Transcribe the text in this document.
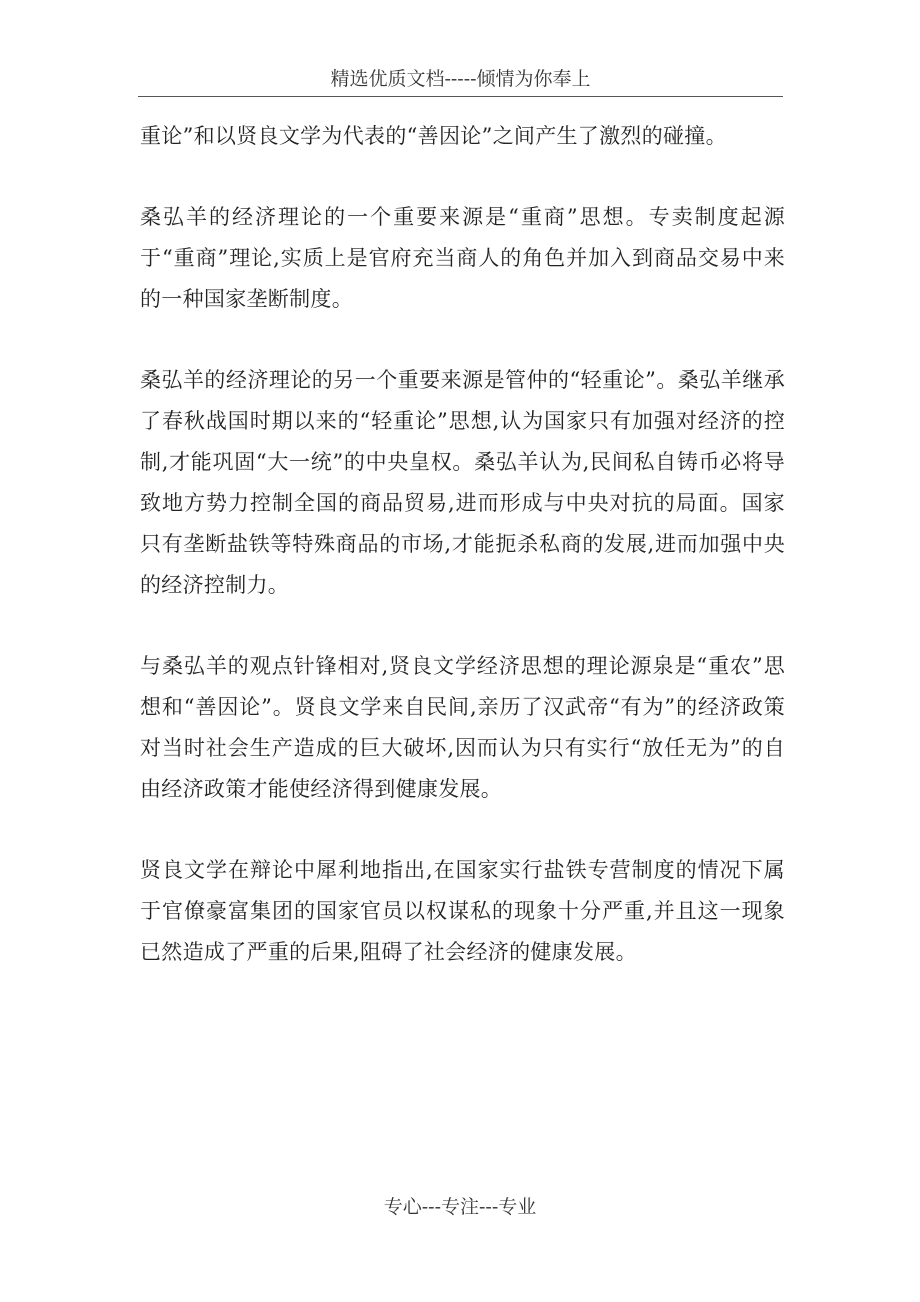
精选优质文档-----倾情为你奉上

重论”和以贤良文学为代表的“善因论”之间产生了激烈的碰撞。

桑弘羊的经济理论的一个重要来源是“重商”思想。专卖制度起源于“重商”理论,实质上是官府充当商人的角色并加入到商品交易中来的一种国家垄断制度。

桑弘羊的经济理论的另一个重要来源是管仲的“轻重论”。桑弘羊继承了春秋战国时期以来的“轻重论”思想,认为国家只有加强对经济的控制,才能巩固“大一统”的中央皇权。桑弘羊认为,民间私自铸币必将导致地方势力控制全国的商品贸易,进而形成与中央对抗的局面。国家只有垄断盐铁等特殊商品的市场,才能扼杀私商的发展,进而加强中央的经济控制力。

与桑弘羊的观点针锋相对,贤良文学经济思想的理论源泉是“重农”思想和“善因论”。贤良文学来自民间,亲历了汉武帝“有为”的经济政策对当时社会生产造成的巨大破坏,因而认为只有实行“放任无为”的自由经济政策才能使经济得到健康发展。

贤良文学在辩论中犀利地指出,在国家实行盐铁专营制度的情况下属于官僚豪富集团的国家官员以权谋私的现象十分严重,并且这一现象已然造成了严重的后果,阻碍了社会经济的健康发展。

专心---专注---专业
